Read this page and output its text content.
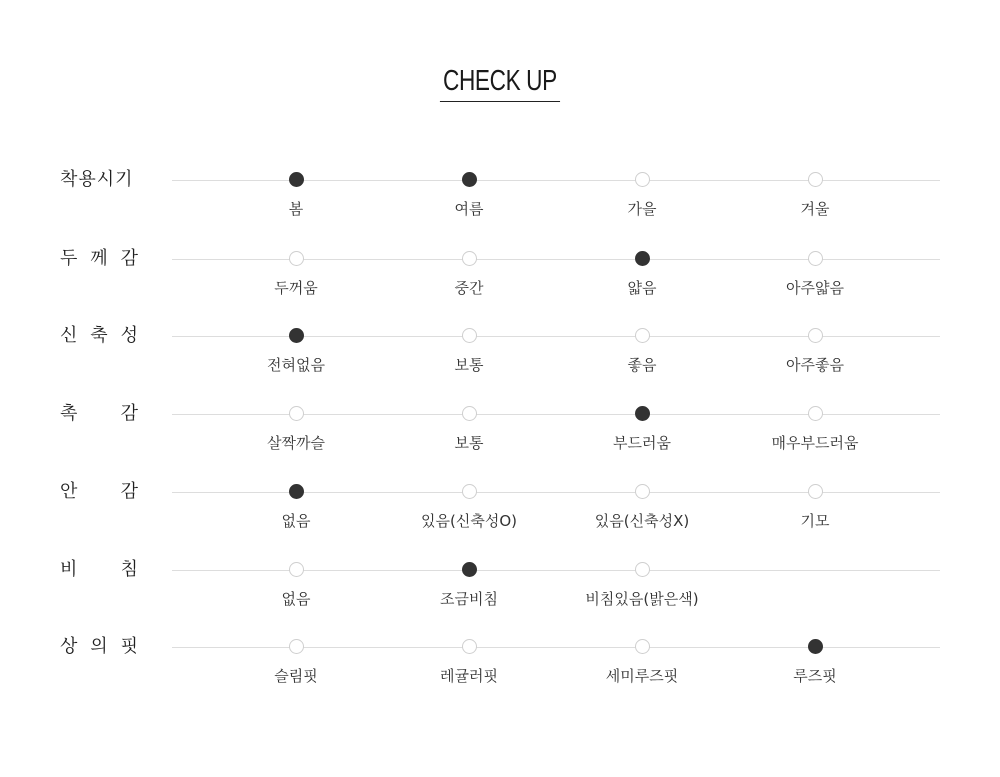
CHECK UP
착용시기
봄	여름	가을	겨울
두 께 감
두꺼움	중간	얇음	아주얇음
신 축 성
전혀없음	보통	좋음	아주좋음
촉 감
살짝까슬	보통	부드러움	매우부드러움
안 감
없음	있음(신축성O)	있음(신축성X)	기모
비 침
없음	조금비침	비침있음(밝은색)
상 의 핏
슬림핏	레귤러핏	세미루즈핏	루즈핏
